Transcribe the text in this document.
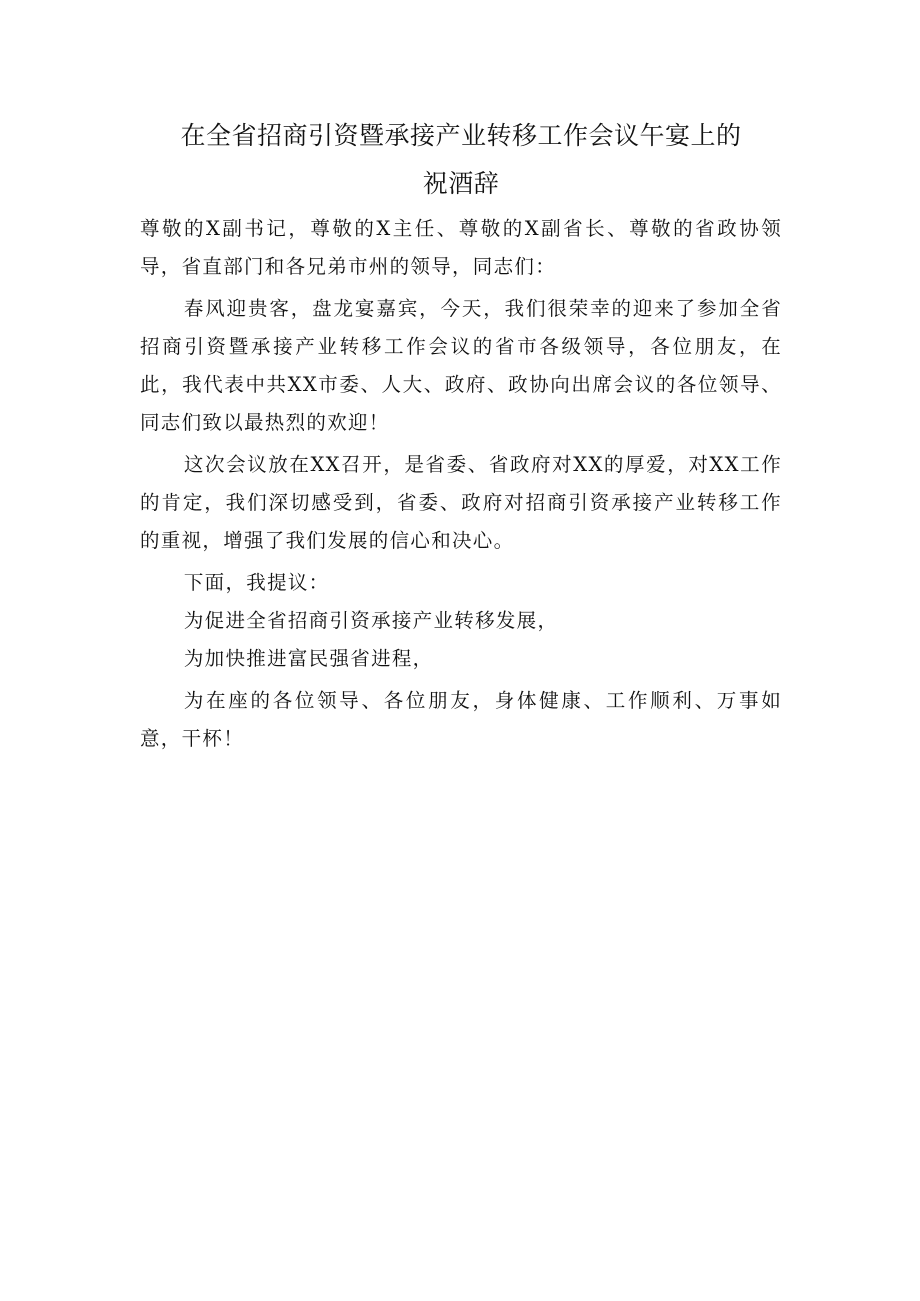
在全省招商引资暨承接产业转移工作会议午宴上的
祝酒辞

尊敬的X副书记，尊敬的X主任、尊敬的X副省长、尊敬的省政协领导，省直部门和各兄弟市州的领导，同志们：

春风迎贵客，盘龙宴嘉宾，今天，我们很荣幸的迎来了参加全省招商引资暨承接产业转移工作会议的省市各级领导，各位朋友，在此，我代表中共XX市委、人大、政府、政协向出席会议的各位领导、同志们致以最热烈的欢迎！

这次会议放在XX召开，是省委、省政府对XX的厚爱，对XX工作的肯定，我们深切感受到，省委、政府对招商引资承接产业转移工作的重视，增强了我们发展的信心和决心。

下面，我提议：

为促进全省招商引资承接产业转移发展，

为加快推进富民强省进程，

为在座的各位领导、各位朋友，身体健康、工作顺利、万事如意，干杯！
